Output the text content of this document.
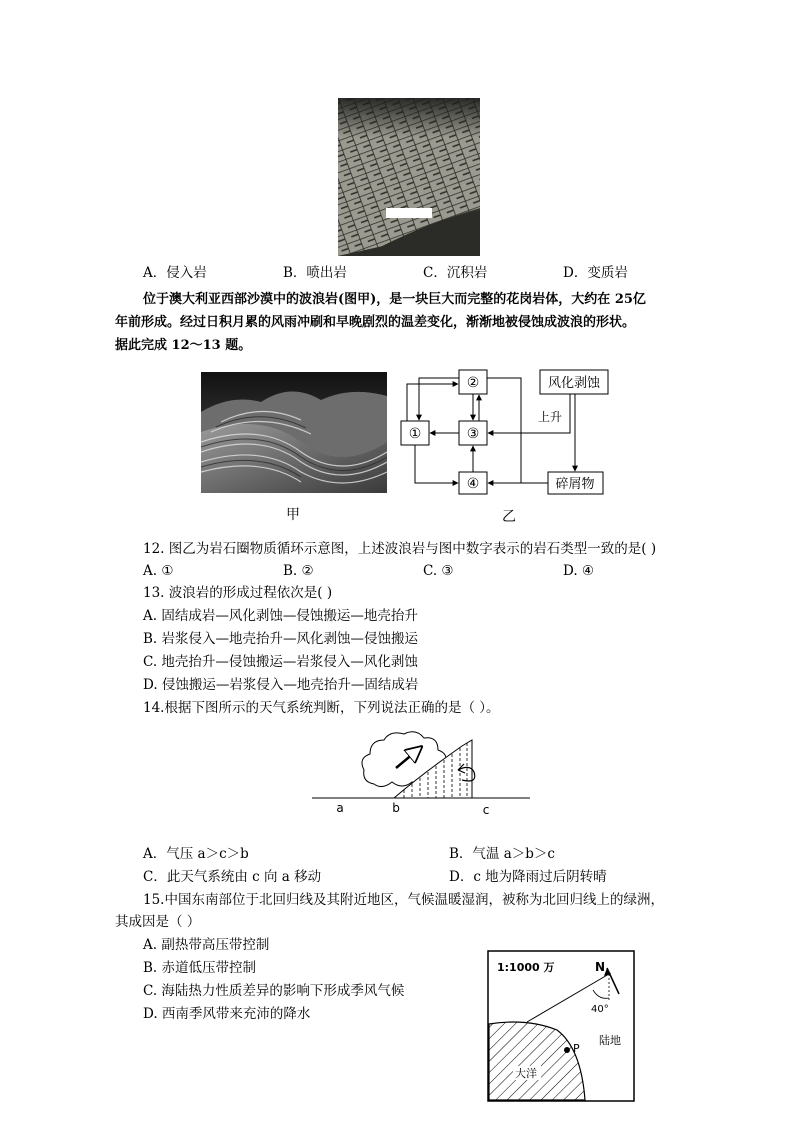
A．侵入岩	B．喷出岩	C．沉积岩	D．变质岩
位于澳大利亚西部沙漠中的波浪岩(图甲)，是一块巨大而完整的花岗岩体，大约在 25亿
年前形成。经过日积月累的风雨冲刷和早晚剧烈的温差变化，渐渐地被侵蚀成波浪的形状。
据此完成 12～13 题。
①
②
③
④
风化剥蚀
上升
碎屑物
甲	乙
12. 图乙为岩石圈物质循环示意图，上述波浪岩与图中数字表示的岩石类型一致的是( )
A. ①	B. ②	C. ③	D. ④
13. 波浪岩的形成过程依次是( )
A. 固结成岩—风化剥蚀—侵蚀搬运—地壳抬升
B. 岩浆侵入—地壳抬升—风化剥蚀—侵蚀搬运
C. 地壳抬升—侵蚀搬运—岩浆侵入—风化剥蚀
D. 侵蚀搬运—岩浆侵入—地壳抬升—固结成岩
14.根据下图所示的天气系统判断，下列说法正确的是（ ）。
a	b	c
A．气压 a＞c＞b	B．气温 a＞b＞c
C．此天气系统由 c 向 a 移动	D．c 地为降雨过后阴转晴
15.中国东南部位于北回归线及其附近地区，气候温暖湿润，被称为北回归线上的绿洲，
其成因是（ ）
A. 副热带高压带控制
B. 赤道低压带控制
C. 海陆热力性质差异的影响下形成季风气候
D. 西南季风带来充沛的降水
1:1000 万	N
40°
陆地
大洋
P
